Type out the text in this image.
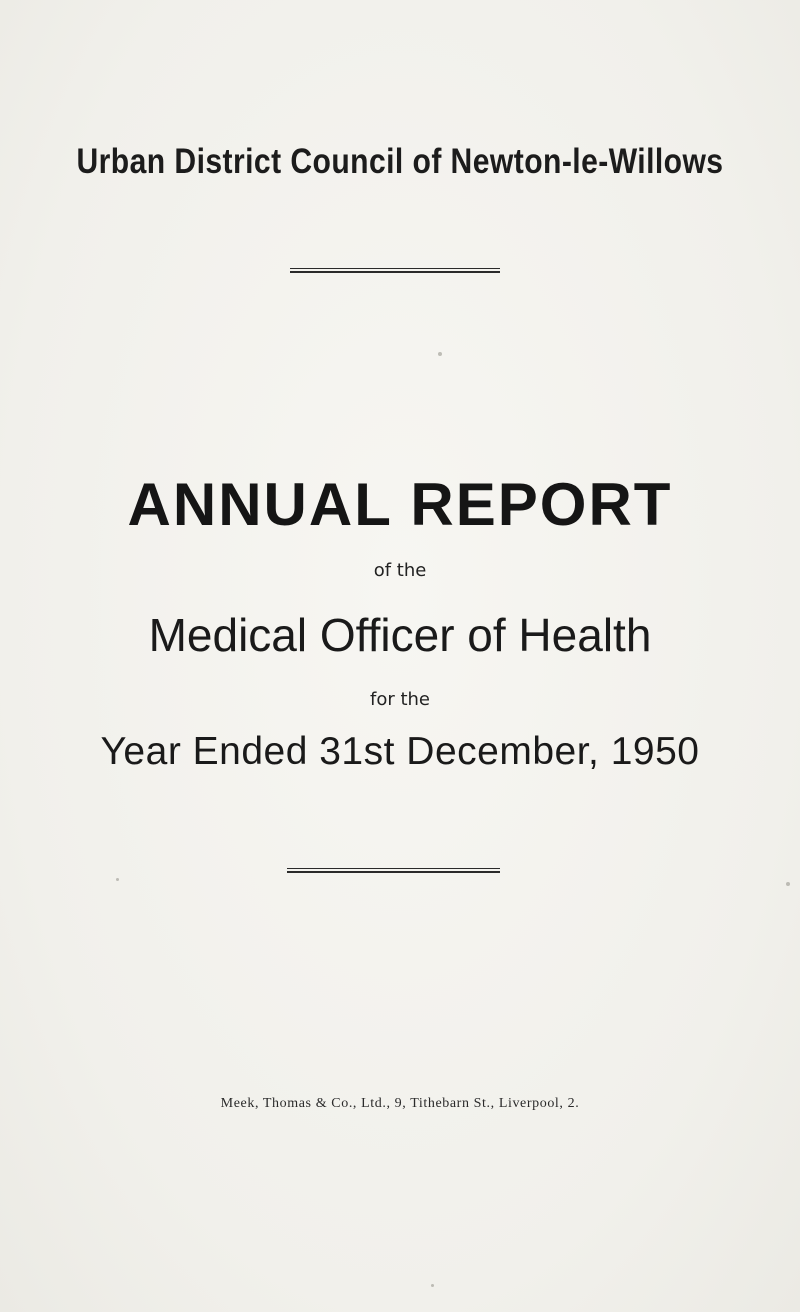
Urban District Council of Newton-le-Willows
ANNUAL REPORT
of the
Medical Officer of Health
for the
Year Ended 31st December, 1950
Meek, Thomas & Co., Ltd., 9, Tithebarn St., Liverpool, 2.
